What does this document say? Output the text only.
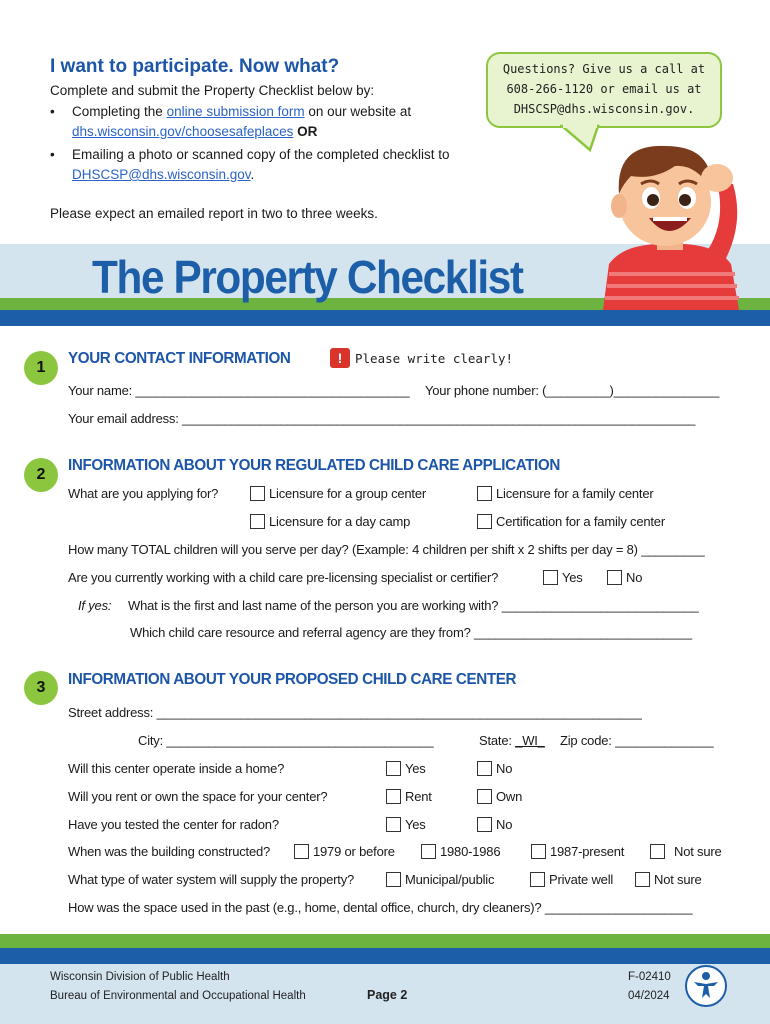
I want to participate. Now what?
Complete and submit the Property Checklist below by:
•	Completing the online submission form on our website at
dhs.wisconsin.gov/choosesafeplaces OR
•	Emailing a photo or scanned copy of the completed checklist to
DHSCSP@dhs.wisconsin.gov.
Please expect an emailed report in two to three weeks.
Questions? Give us a call at
608-266-1120 or email us at
DHSCSP@dhs.wisconsin.gov.
The Property Checklist
1
YOUR CONTACT INFORMATION	!	Please write clearly!
Your name: _______________________________________ Your phone number: (_________)_______________
Your email address: _________________________________________________________________________
2
INFORMATION ABOUT YOUR REGULATED CHILD CARE APPLICATION
What are you applying for?	Licensure for a group center	Licensure for a family center
Licensure for a day camp	Certification for a family center
How many TOTAL children will you serve per day? (Example: 4 children per shift x 2 shifts per day = 8) _________
Are you currently working with a child care pre-licensing specialist or certifier?	Yes	No
If yes: What is the first and last name of the person you are working with? ____________________________
Which child care resource and referral agency are they from? _______________________________
3	INFORMATION ABOUT YOUR PROPOSED CHILD CARE CENTER
Street address: _____________________________________________________________________
City: ______________________________________	State: _WI_ Zip code: ______________
Will this center operate inside a home?	Yes	No
Will you rent or own the space for your center?	Rent	Own
Have you tested the center for radon?	Yes	No
When was the building constructed?	1979 or before	1980-1986	1987-present	Not sure
What type of water system will supply the property?	Municipal/public	Private well	Not sure
How was the space used in the past (e.g., home, dental office, church, dry cleaners)? _____________________
Wisconsin Division of Public Health
Bureau of Environmental and Occupational Health	Page 2
F-02410
04/2024
